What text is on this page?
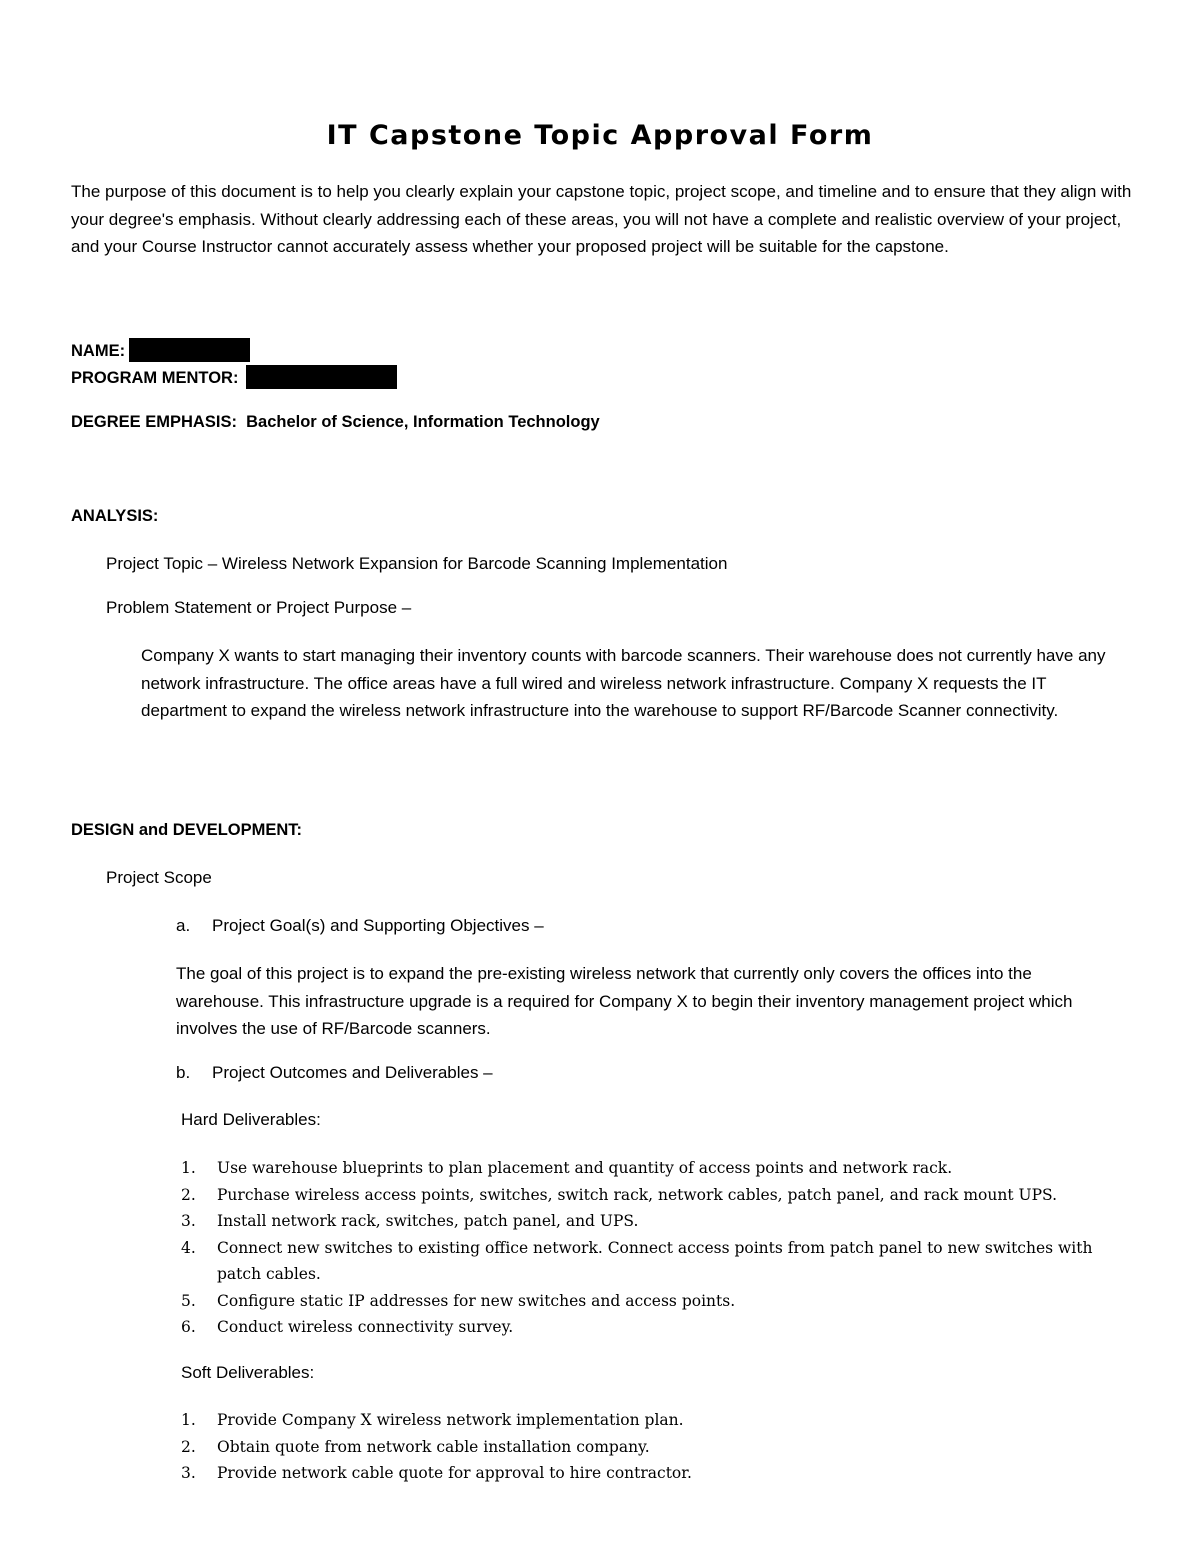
IT Capstone Topic Approval Form

The purpose of this document is to help you clearly explain your capstone topic, project scope, and timeline and to ensure that they align with your degree's emphasis. Without clearly addressing each of these areas, you will not have a complete and realistic overview of your project, and your Course Instructor cannot accurately assess whether your proposed project will be suitable for the capstone.

NAME:
PROGRAM MENTOR:
DEGREE EMPHASIS: Bachelor of Science, Information Technology
ANALYSIS:
Project Topic – Wireless Network Expansion for Barcode Scanning Implementation
Problem Statement or Project Purpose –

Company X wants to start managing their inventory counts with barcode scanners. Their warehouse does not currently have any network infrastructure. The office areas have a full wired and wireless network infrastructure. Company X requests the IT department to expand the wireless network infrastructure into the warehouse to support RF/Barcode Scanner connectivity.

DESIGN and DEVELOPMENT:
Project Scope
a. Project Goal(s) and Supporting Objectives –

The goal of this project is to expand the pre-existing wireless network that currently only covers the offices into the warehouse. This infrastructure upgrade is a required for Company X to begin their inventory management project which involves the use of RF/Barcode scanners.

b. Project Outcomes and Deliverables –
Hard Deliverables:
1. Use warehouse blueprints to plan placement and quantity of access points and network rack.
2. Purchase wireless access points, switches, switch rack, network cables, patch panel, and rack mount UPS.
3. Install network rack, switches, patch panel, and UPS.
4. Connect new switches to existing office network. Connect access points from patch panel to new switches with patch cables.
5. Configure static IP addresses for new switches and access points.
6. Conduct wireless connectivity survey.
Soft Deliverables:
1. Provide Company X wireless network implementation plan.
2. Obtain quote from network cable installation company.
3. Provide network cable quote for approval to hire contractor.
